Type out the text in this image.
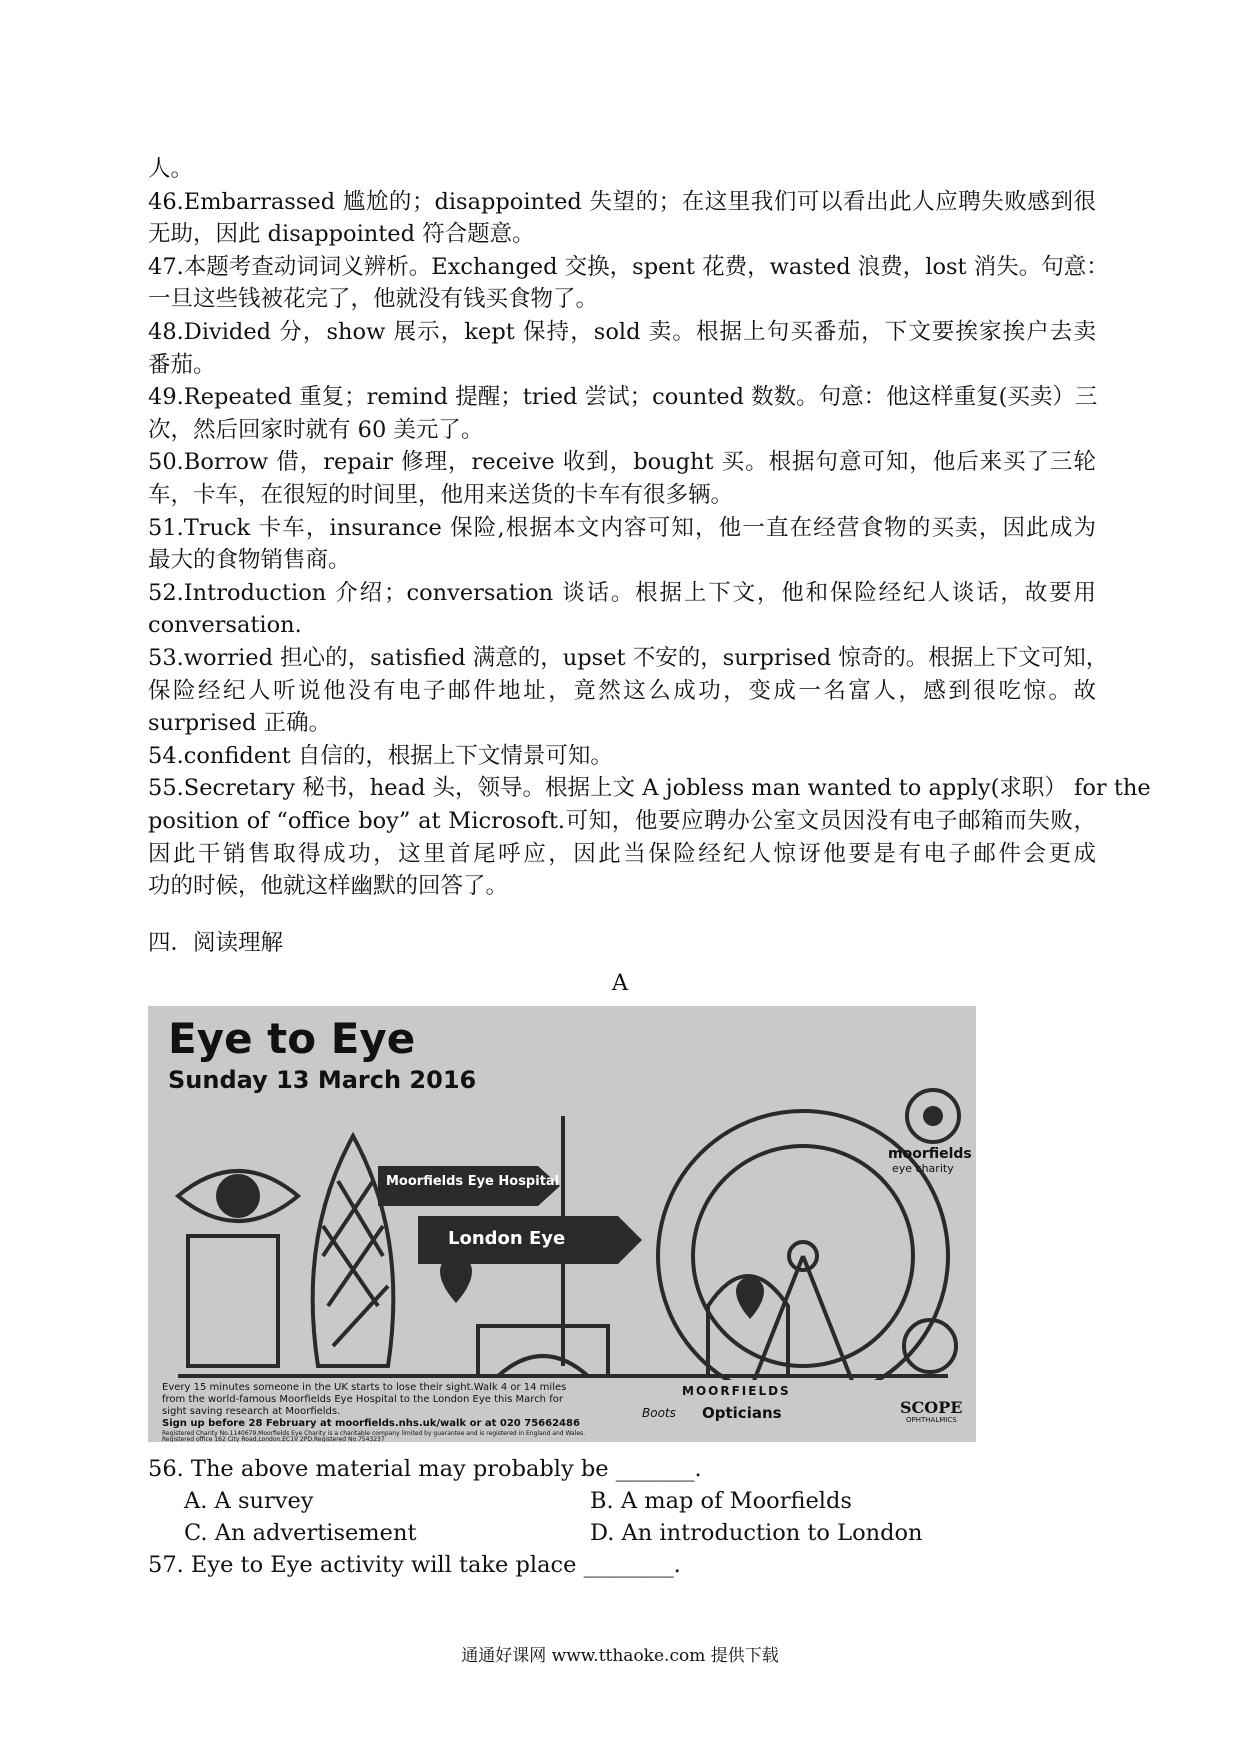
人。
46.Embarrassed 尴尬的；disappointed 失望的；在这里我们可以看出此人应聘失败感到很
无助，因此 disappointed 符合题意。
47.本题考查动词词义辨析。Exchanged 交换，spent 花费，wasted 浪费，lost 消失。句意：
一旦这些钱被花完了，他就没有钱买食物了。
48.Divided 分，show 展示，kept 保持，sold 卖。根据上句买番茄，下文要挨家挨户去卖
番茄。
49.Repeated 重复；remind 提醒；tried 尝试；counted 数数。句意：他这样重复(买卖）三
次，然后回家时就有 60 美元了。
50.Borrow 借，repair 修理，receive 收到，bought 买。根据句意可知，他后来买了三轮
车，卡车，在很短的时间里，他用来送货的卡车有很多辆。
51.Truck 卡车，insurance 保险,根据本文内容可知，他一直在经营食物的买卖，因此成为
最大的食物销售商。
52.Introduction 介绍；conversation 谈话。根据上下文，他和保险经纪人谈话，故要用
conversation.
53.worried 担心的，satisfied 满意的，upset 不安的，surprised 惊奇的。根据上下文可知，
保险经纪人听说他没有电子邮件地址，竟然这么成功，变成一名富人，感到很吃惊。故
surprised 正确。
54.confident 自信的，根据上下文情景可知。
55.Secretary 秘书，head 头，领导。根据上文 A jobless man wanted to apply(求职） for the
position of “office boy” at Microsoft.可知，他要应聘办公室文员因没有电子邮箱而失败，
因此干销售取得成功，这里首尾呼应，因此当保险经纪人惊讶他要是有电子邮件会更成
功的时候，他就这样幽默的回答了。
四．阅读理解
A
Eye to Eye
Sunday 13 March 2016
Moorfields Eye Hospital
London Eye
moorfields
eye charity
Every 15 minutes someone in the UK starts to lose their sight.Walk 4 or 14 miles
from the world-famous Moorfields Eye Hospital to the London Eye this March for
sight saving research at Moorfields.
Sign up before 28 February at moorfields.nhs.uk/walk or at 020 75662486
Registered Charity No.1140679.Moorfields Eye Charity is a charitable company limited by guarantee and is registered in England and Wales.
Registered office 162 City Road,London,EC1V 2PD.Registered No.7543237
MOORFIELDS
Boots Opticians	SCOPE
OPHTHALMICS
56. The above material may probably be _______.
A. A survey	B. A map of Moorfields
C. An advertisement	D. An introduction to London
57. Eye to Eye activity will take place ________.
通通好课网 www.tthaoke.com 提供下载
